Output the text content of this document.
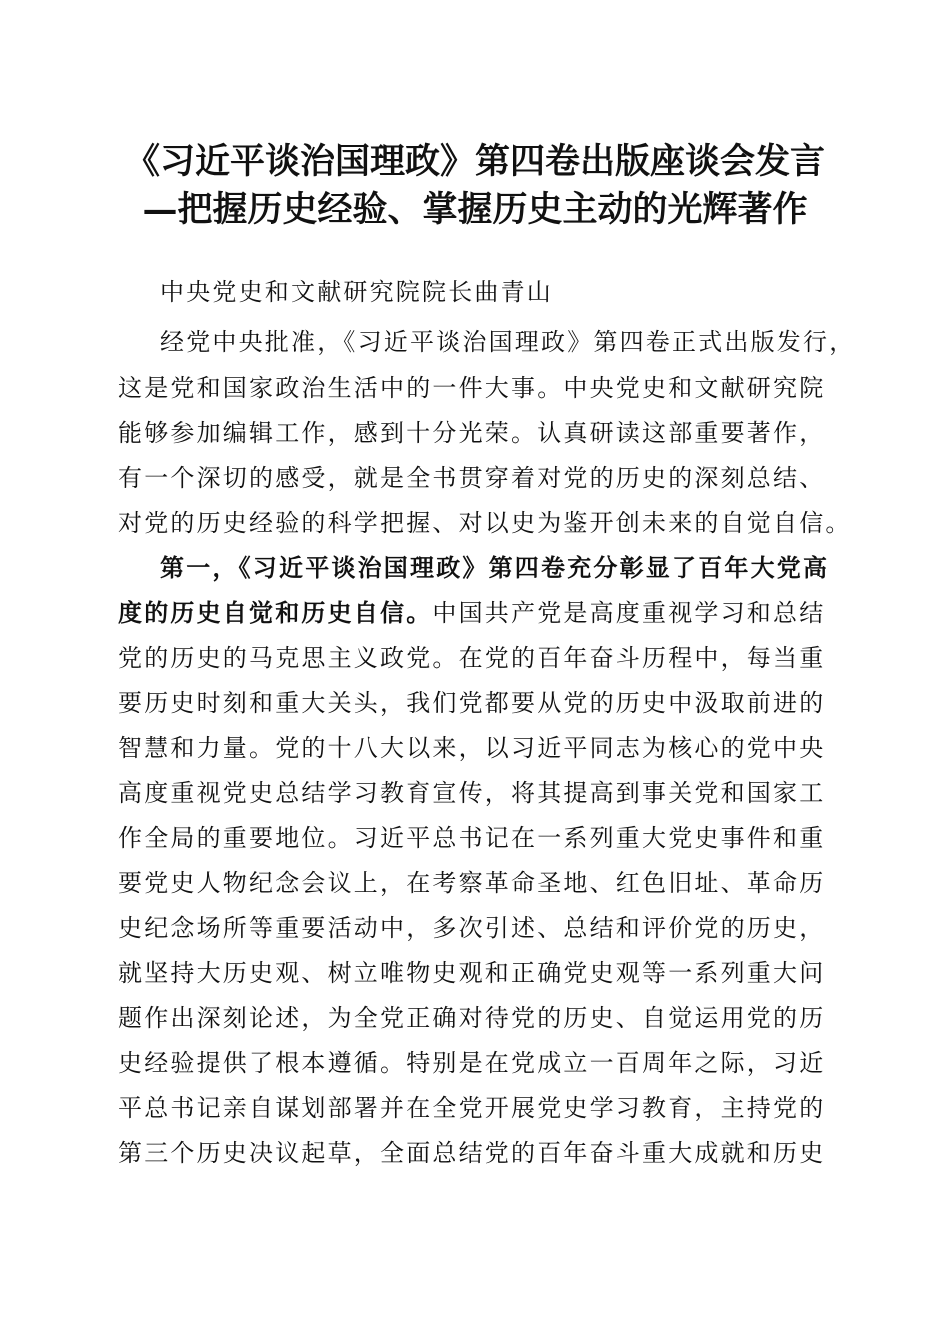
《习近平谈治国理政》第四卷出版座谈会发言
—把握历史经验、掌握历史主动的光辉著作
中央党史和文献研究院院长曲青山
经党中央批准，《习近平谈治国理政》第四卷正式出版发行，
这是党和国家政治生活中的一件大事。中央党史和文献研究院
能够参加编辑工作，感到十分光荣。认真研读这部重要著作，
有一个深切的感受，就是全书贯穿着对党的历史的深刻总结、
对党的历史经验的科学把握、对以史为鉴开创未来的自觉自信。
第一，《习近平谈治国理政》第四卷充分彰显了百年大党高
度的历史自觉和历史自信。中国共产党是高度重视学习和总结
党的历史的马克思主义政党。在党的百年奋斗历程中，每当重
要历史时刻和重大关头，我们党都要从党的历史中汲取前进的
智慧和力量。党的十八大以来，以习近平同志为核心的党中央
高度重视党史总结学习教育宣传，将其提高到事关党和国家工
作全局的重要地位。习近平总书记在一系列重大党史事件和重
要党史人物纪念会议上，在考察革命圣地、红色旧址、革命历
史纪念场所等重要活动中，多次引述、总结和评价党的历史，
就坚持大历史观、树立唯物史观和正确党史观等一系列重大问
题作出深刻论述，为全党正确对待党的历史、自觉运用党的历
史经验提供了根本遵循。特别是在党成立一百周年之际，习近
平总书记亲自谋划部署并在全党开展党史学习教育，主持党的
第三个历史决议起草，全面总结党的百年奋斗重大成就和历史
